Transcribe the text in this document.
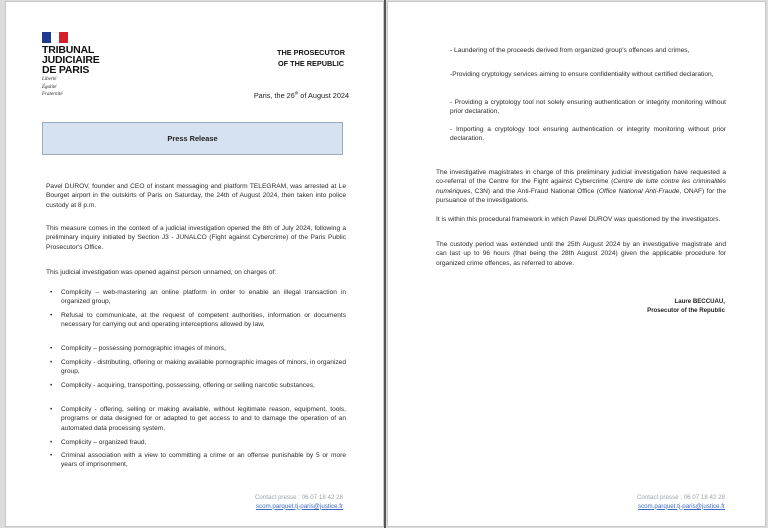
TRIBUNAL JUDICIAIRE
DE PARIS
Liberté
Égalité
Fraternité
THE PROSECUTOR
OF THE REPUBLIC
Paris, the 26th of August 2024
Press Release
Pavel DUROV, founder and CEO of instant messaging and platform TELEGRAM, was arrested at Le Bourget airport in the outskirts of Paris on Saturday, the 24th of August 2024, then taken into police custody at 8 p.m.
This measure comes in the context of a judicial investigation opened the 8th of July 2024, following a preliminary inquiry initiated by Section J3 - JUNALCO (Fight against Cybercrime) of the Paris Public Prosecutor's Office.
This judicial investigation was opened against person unnamed, on charges of:
• Complicity – web-mastering an online platform in order to enable an illegal transaction in organized group,
• Refusal to communicate, at the request of competent authorities, information or documents necessary for carrying out and operating interceptions allowed by law,
• Complicity – possessing pornographic images of minors,
• Complicity - distributing, offering or making available pornographic images of minors, in organized group,
• Complicity - acquiring, transporting, possessing, offering or selling narcotic substances,
• Complicity - offering, selling or making available, without legitimate reason, equipment, tools, programs or data designed for or adapted to get access to and to damage the operation of an automated data processing system,
• Complicity – organized fraud,
• Criminal association with a view to committing a crime or an offense punishable by 5 or more years of imprisonment,
Contact presse : 06 07 18 42 28
scom.parquet.tj-paris@justice.fr
- Laundering of the proceeds derived from organized group's offences and crimes,
-Providing cryptology services aiming to ensure confidentiality without certified declaration,
- Providing a cryptology tool not solely ensuring authentication or integrity monitoring without prior declaration,
- Importing a cryptology tool ensuring authentication or integrity monitoring without prior declaration.
The investigative magistrates in charge of this preliminary judicial investigation have requested a co-referral of the Centre for the Fight against Cybercrime (Centre de lutte contre les criminalités numériques, C3N) and the Anti-Fraud National Office (Office National Anti-Fraude, ONAF) for the pursuance of the investigations.
It is within this procedural framework in which Pavel DUROV was questioned by the investigators.
The custody period was extended until the 25th August 2024 by an investigative magistrate and can last up to 96 hours (that being the 28th August 2024) given the applicable procedure for organized crime offences, as referred to above.
Laure BECCUAU,
Prosecutor of the Republic
Contact presse : 06 07 18 42 28
scom.parquet.tj-paris@justice.fr
